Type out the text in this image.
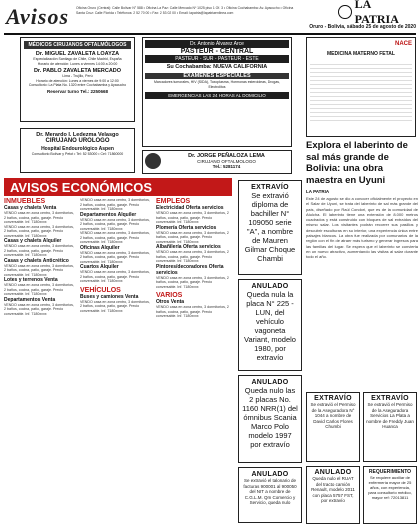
Avisos Oficina Oruro (Central): Calle Bolívar N° 588 • Oficina La Paz: Calle Mercado Nº 1025 piso 1 Of. 3 • Oficina Cochabamba: Av. Ayacucho • Oficina Santa Cruz: Calle Florida • Teléfonos: 2 52 70 00 • Fax: 2 53 02 00 • Email: lapatria@lapatriaenlinea.com
LA PATRIA
Oruro - Bolivia, sábado 25 de agosto de 2020
MÉDICOS CIRUJANOS OFTALMÓLOGOS
Dr. MIGUEL ZAVALETA LOAYZA
Especialización Santiago de Chile, Chile Madrid, España
Horario de atención: Lunes a viernes 14:00 a 20:00
Dr. PABLO ZAVALETA MERCADO
Lima - Trujillo, Perú
Horario de atención: Lunes a viernes de 9:00 a 12:00
Consultorio: La Plata No. 1320 entre Cochabamba y Ayacucho
Reservar turno Tel.: 2250668
Dr. Merardo I. Ledezma Velasgo
CIRUJANO UROLOGO
Hospital Endourológico Aspen
Consultorio Bolívar y Petot • Tel: 52 53000 • Cel: 71860000
Dr. Antonio Álvarez Arce
PASTEUR - CENTRAL
PASTEUR - SUR - PASTEUR - ESTE
Su Cochabamba: NUEVA CALIFORNIA
EXÁMENES ESPECIALES
Marcadores tumorales, HIV (SIDA), Toxoplasma, Hormonas esteroideas, Drogas, Electrolitos
EMERGENCIAS LAS 24 HORAS AL DOMICILIO
Dr. JORGE PEÑALOZA LEMA
CIRUJANO OFTALMOLOGO
Tel.: 5281174
NACE
MEDICINA MATERNO FETAL
Explora el laberinto de sal más grande de Bolivia: una obra maestra en Uyuni
LA PATRIA
Este 24 de agosto se dio a conocer oficialmente el proyecto en el Salar de Uyuni, se trata del laberinto de sal más grande del país, diseñado por Raúl Condori, que es de la comunidad de Atulcha. El laberinto tiene una extensión de 8.000 metros cuadrados y está construido con bloques de sal extraídos del mismo salar. Los visitantes podrán recorrer sus pasillos y descubrir esculturas en su interior, una experiencia única entre paisajes blancos. La obra fue realizada por comunarios de la región con el fin de atraer más turismo y generar ingresos para las familias del lugar. Se espera que el laberinto se convierta en un nuevo atractivo, aumentando las visitas al salar durante todo el año.
AVISOS ECONÓMICOS
INMUEBLES
Casas y chalets Venta
VENDO casa en zona centro, 3 dormitorios, 2 baños, cocina, patio, garaje. Precio conversable. Inf. 7180xxxx
VENDO casa en zona centro, 3 dormitorios, 2 baños, cocina, patio, garaje. Precio conversable. Inf. 7180xxxx
Casas y chalets Alquiler
VENDO casa en zona centro, 3 dormitorios, 2 baños, cocina, patio, garaje. Precio conversable. Inf. 7180xxxx
Casas y chalets Anticrético
VENDO casa en zona centro, 3 dormitorios, 2 baños, cocina, patio, garaje. Precio conversable. Inf. 7180xxxx
Lotes y terrenos Venta
VENDO casa en zona centro, 3 dormitorios, 2 baños, cocina, patio, garaje. Precio conversable. Inf. 7180xxxx
Departamentos Venta
VENDO casa en zona centro, 3 dormitorios, 2 baños, cocina, patio, garaje. Precio conversable. Inf. 7180xxxx
VENDO casa en zona centro, 3 dormitorios, 2 baños, cocina, patio, garaje. Precio conversable. Inf. 7180xxxx
Departamentos Alquiler
VENDO casa en zona centro, 3 dormitorios, 2 baños, cocina, patio, garaje. Precio conversable. Inf. 7180xxxx
VENDO casa en zona centro, 3 dormitorios, 2 baños, cocina, patio, garaje. Precio conversable. Inf. 7180xxxx
Oficinas Alquiler
VENDO casa en zona centro, 3 dormitorios, 2 baños, cocina, patio, garaje. Precio conversable. Inf. 7180xxxx
Cuartos Alquiler
VENDO casa en zona centro, 3 dormitorios, 2 baños, cocina, patio, garaje. Precio conversable. Inf. 7180xxxx
VEHÍCULOS
Buses y camiones Venta
VENDO casa en zona centro, 3 dormitorios, 2 baños, cocina, patio, garaje. Precio conversable. Inf. 7180xxxx
EMPLEOS
Electricidad Oferta servicios
VENDO casa en zona centro, 3 dormitorios, 2 baños, cocina, patio, garaje. Precio conversable. Inf. 7180xxxx
Plomería Oferta servicios
VENDO casa en zona centro, 3 dormitorios, 2 baños, cocina, patio, garaje. Precio conversable. Inf. 7180xxxx
Albañilería Oferta servicios
VENDO casa en zona centro, 3 dormitorios, 2 baños, cocina, patio, garaje. Precio conversable. Inf. 7180xxxx
Pintores/decoradores Oferta servicios
VENDO casa en zona centro, 3 dormitorios, 2 baños, cocina, patio, garaje. Precio conversable. Inf. 7180xxxx
VARIOS
Otros Venta
VENDO casa en zona centro, 3 dormitorios, 2 baños, cocina, patio, garaje. Precio conversable. Inf. 7180xxxx
EXTRAVÍO
Se extravió diploma de bachiller N° 109050 serie "A", a nombre de Mauren Gilmar Choque Chambi
ANULADO
Queda nula la placa N° 225 - LUN, del vehículo vagoneta Variant, modelo 1980, por extravío
ANULADO
Queda nulo las 2 placas No. 1160 NRR(1) del ómnibus Scania Marco Polo modelo 1997 por extravío
ANULADO
Se extravió el talonario de facturas 900001 al 900050 del NIT a nombre de C.G.L.M. Qm Comercio y Servicio, queda nulo
EXTRAVÍO
Se extravió el Permiso de la Aseguradora N° 1044 a nombre de David Carlos Flores Chumbi
EXTRAVÍO
Se extravió el Permiso de la Aseguradora Servicios La Plata a nombre de Freddy Juan Huanca
ANULADO
Queda nulo el RUAT del tracto camión Renault, modelo 2011 con placa 5757 FST, por extravío
REQUERIMIENTO
Se requiere auxiliar de enfermería mayor de 25 años, con experiencia, para consultorio médico, mayor ref: 72013811
